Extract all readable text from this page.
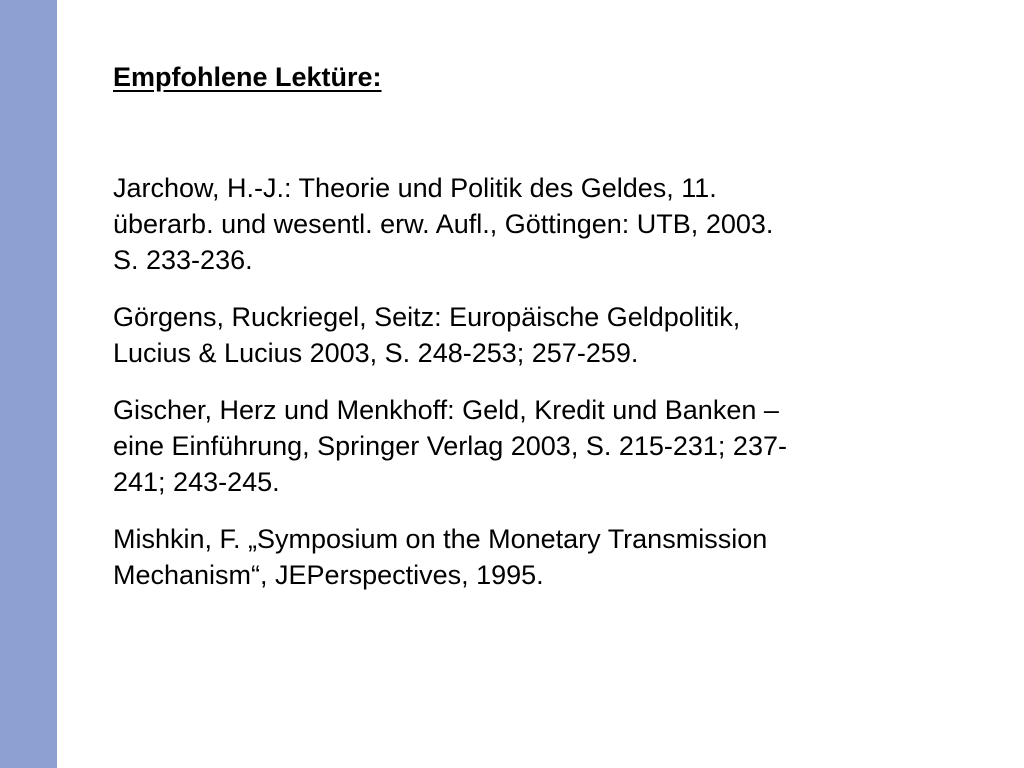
Empfohlene Lektüre:

Jarchow, H.-J.: Theorie und Politik des Geldes, 11.
überarb. und wesentl. erw. Aufl., Göttingen: UTB, 2003.
S. 233-236.

Görgens, Ruckriegel, Seitz: Europäische Geldpolitik,
Lucius & Lucius 2003, S. 248-253; 257-259.

Gischer, Herz und Menkhoff: Geld, Kredit und Banken –
eine Einführung, Springer Verlag 2003, S. 215-231; 237-
241; 243-245.

Mishkin, F. „Symposium on the Monetary Transmission
Mechanism“, JEPerspectives, 1995.
